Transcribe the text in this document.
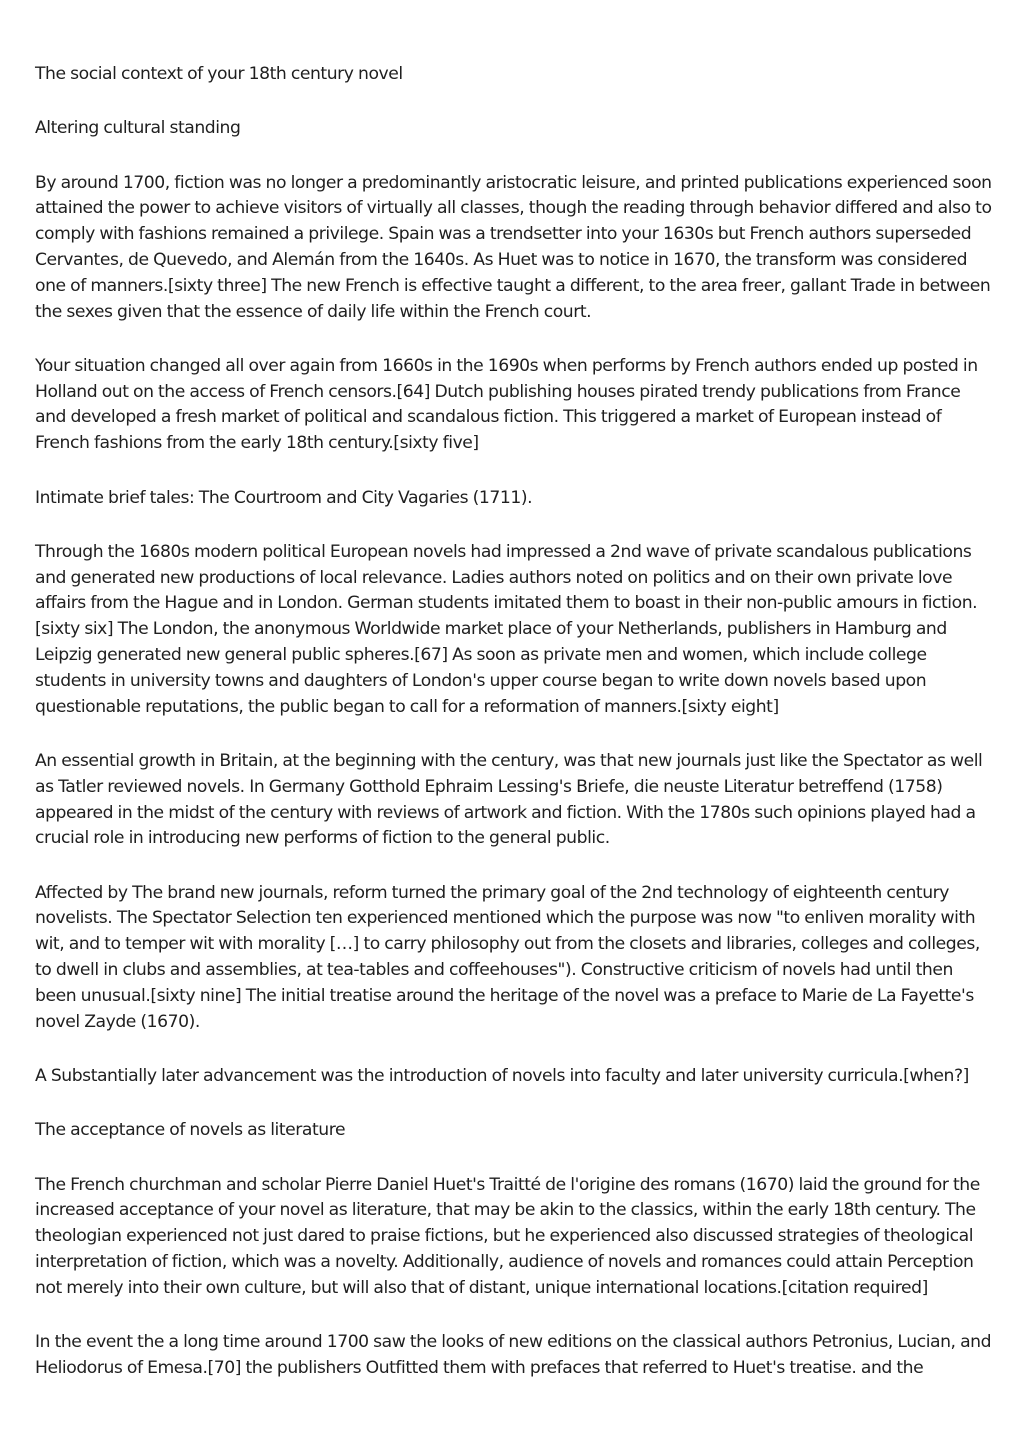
The social context of your 18th century novel

Altering cultural standing

By around 1700, fiction was no longer a predominantly aristocratic leisure, and printed publications experienced soon attained the power to achieve visitors of virtually all classes, though the reading through behavior differed and also to comply with fashions remained a privilege. Spain was a trendsetter into your 1630s but French authors superseded Cervantes, de Quevedo, and Alemán from the 1640s. As Huet was to notice in 1670, the transform was considered one of manners.[sixty three] The new French is effective taught a different, to the area freer, gallant Trade in between the sexes given that the essence of daily life within the French court.

Your situation changed all over again from 1660s in the 1690s when performs by French authors ended up posted in Holland out on the access of French censors.[64] Dutch publishing houses pirated trendy publications from France and developed a fresh market of political and scandalous fiction. This triggered a market of European instead of French fashions from the early 18th century.[sixty five]

Intimate brief tales: The Courtroom and City Vagaries (1711).

Through the 1680s modern political European novels had impressed a 2nd wave of private scandalous publications and generated new productions of local relevance. Ladies authors noted on politics and on their own private love affairs from the Hague and in London. German students imitated them to boast in their non-public amours in fiction.[sixty six] The London, the anonymous Worldwide market place of your Netherlands, publishers in Hamburg and Leipzig generated new general public spheres.[67] As soon as private men and women, which include college students in university towns and daughters of London's upper course began to write down novels based upon questionable reputations, the public began to call for a reformation of manners.[sixty eight]

An essential growth in Britain, at the beginning with the century, was that new journals just like the Spectator as well as Tatler reviewed novels. In Germany Gotthold Ephraim Lessing's Briefe, die neuste Literatur betreffend (1758) appeared in the midst of the century with reviews of artwork and fiction. With the 1780s such opinions played had a crucial role in introducing new performs of fiction to the general public.

Affected by The brand new journals, reform turned the primary goal of the 2nd technology of eighteenth century novelists. The Spectator Selection ten experienced mentioned which the purpose was now "to enliven morality with wit, and to temper wit with morality […] to carry philosophy out from the closets and libraries, colleges and colleges, to dwell in clubs and assemblies, at tea-tables and coffeehouses"). Constructive criticism of novels had until then been unusual.[sixty nine] The initial treatise around the heritage of the novel was a preface to Marie de La Fayette's novel Zayde (1670).

A Substantially later advancement was the introduction of novels into faculty and later university curricula.[when?]

The acceptance of novels as literature

The French churchman and scholar Pierre Daniel Huet's Traitté de l'origine des romans (1670) laid the ground for the increased acceptance of your novel as literature, that may be akin to the classics, within the early 18th century. The theologian experienced not just dared to praise fictions, but he experienced also discussed strategies of theological interpretation of fiction, which was a novelty. Additionally, audience of novels and romances could attain Perception not merely into their own culture, but will also that of distant, unique international locations.[citation required]

In the event the a long time around 1700 saw the looks of new editions on the classical authors Petronius, Lucian, and Heliodorus of Emesa.[70] the publishers Outfitted them with prefaces that referred to Huet's treatise. and the
